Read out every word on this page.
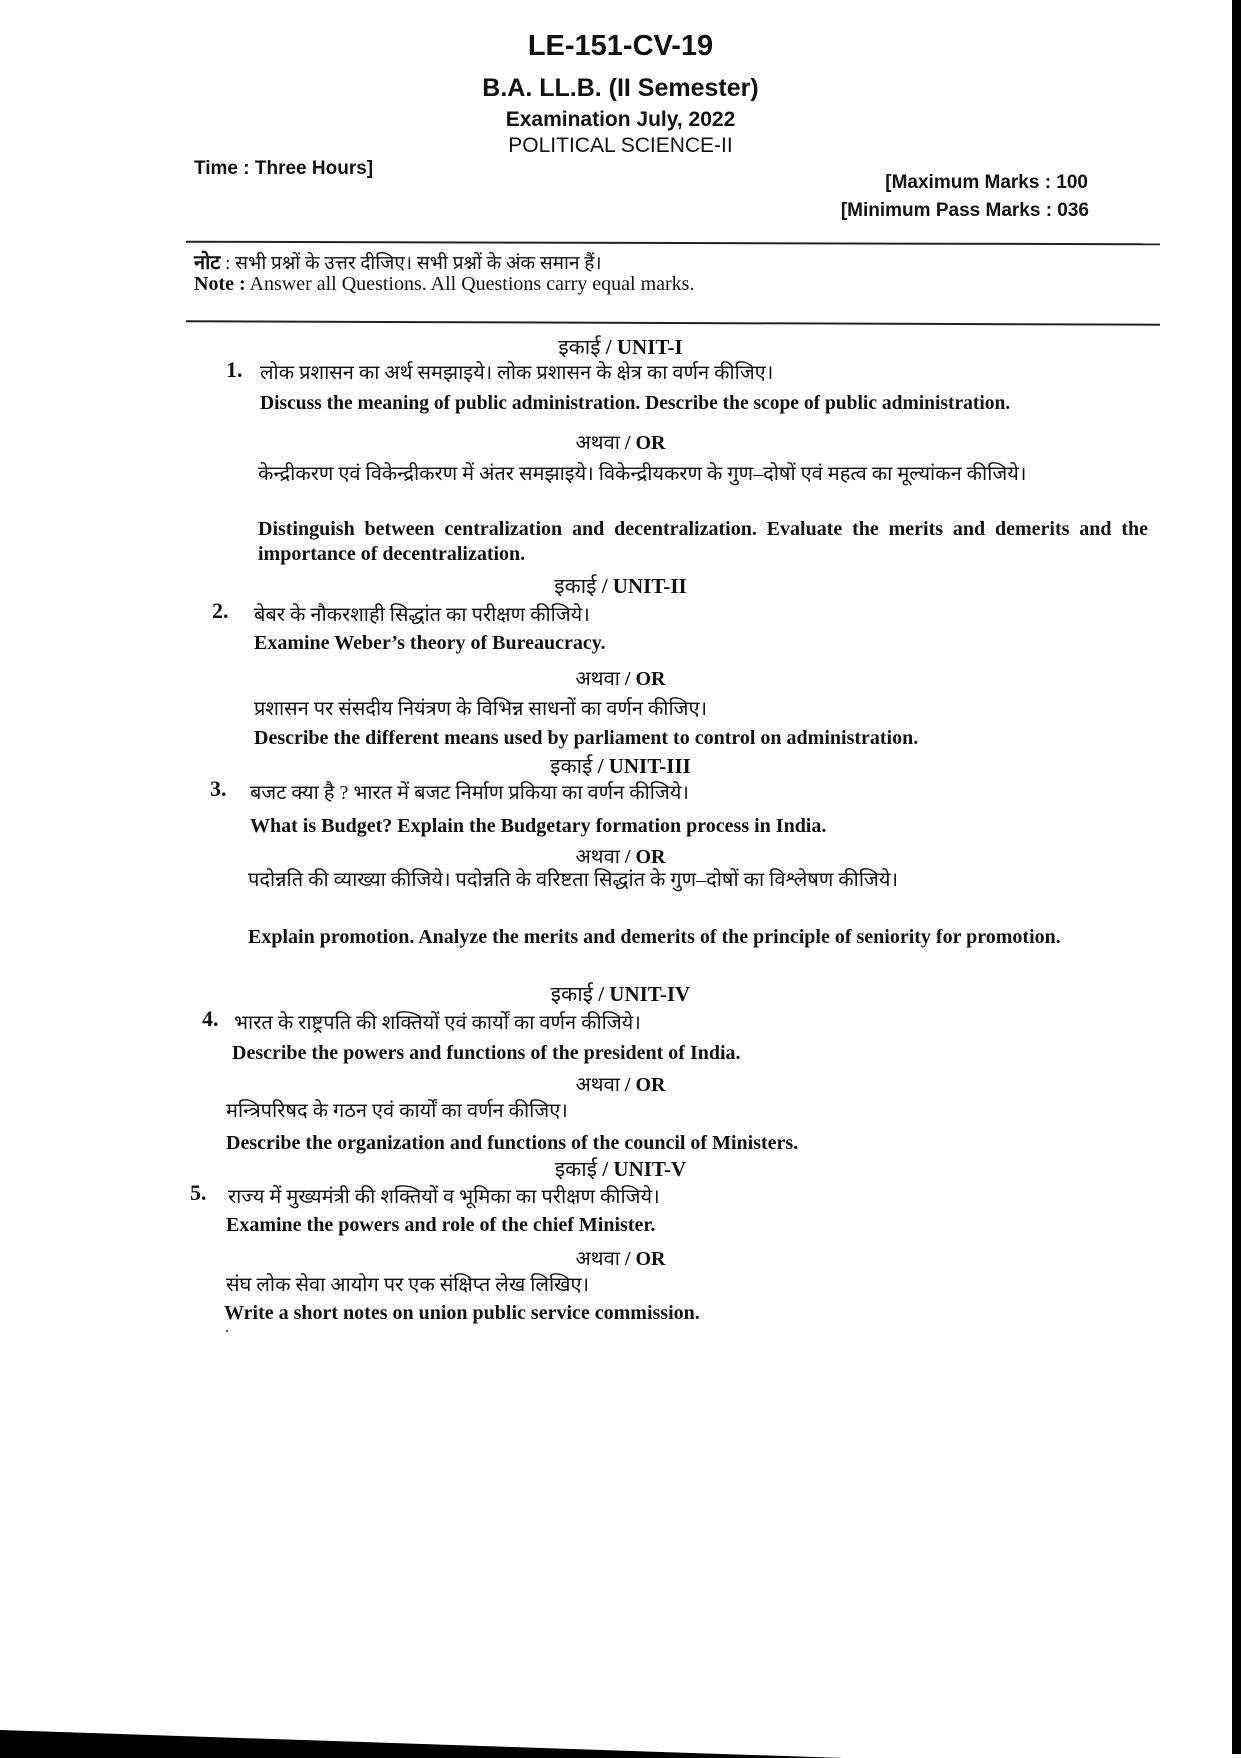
LE-151-CV-19
B.A. LL.B. (II Semester)
Examination July, 2022
POLITICAL SCIENCE-II
Time : Three Hours]
[Maximum Marks : 100
[Minimum Pass Marks : 036
नोट : सभी प्रश्नों के उत्तर दीजिए। सभी प्रश्नों के अंक समान हैं।
Note : Answer all Questions. All Questions carry equal marks.
इकाई / UNIT-I
1. लोक प्रशासन का अर्थ समझाइये। लोक प्रशासन के क्षेत्र का वर्णन कीजिए।
Discuss the meaning of public administration. Describe the scope of public administration.
अथवा / OR
केन्द्रीकरण एवं विकेन्द्रीकरण में अंतर समझाइये। विकेन्द्रीयकरण के गुण–दोषों एवं महत्व का मूल्यांकन कीजिये।
Distinguish between centralization and decentralization. Evaluate the merits and demerits and the importance of decentralization.
इकाई / UNIT-II
2. बेबर के नौकरशाही सिद्धांत का परीक्षण कीजिये।
Examine Weber’s theory of Bureaucracy.
अथवा / OR
प्रशासन पर संसदीय नियंत्रण के विभिन्न साधनों का वर्णन कीजिए।
Describe the different means used by parliament to control on administration.
इकाई / UNIT-III
3. बजट क्या है ? भारत में बजट निर्माण प्रकिया का वर्णन कीजिये।
What is Budget? Explain the Budgetary formation process in India.
अथवा / OR
पदोन्नति की व्याख्या कीजिये। पदोन्नति के वरिष्टता सिद्धांत के गुण–दोषों का विश्लेषण कीजिये।
Explain promotion. Analyze the merits and demerits of the principle of seniority for promotion.
इकाई / UNIT-IV
4. भारत के राष्ट्रपति की शक्तियों एवं कार्यों का वर्णन कीजिये।
Describe the powers and functions of the president of India.
अथवा / OR
मन्त्रिपरिषद के गठन एवं कार्यों का वर्णन कीजिए।
Describe the organization and functions of the council of Ministers.
इकाई / UNIT-V
5. राज्य में मुख्यमंत्री की शक्तियों व भूमिका का परीक्षण कीजिये।
Examine the powers and role of the chief Minister.
अथवा / OR
संघ लोक सेवा आयोग पर एक संक्षिप्त लेख लिखिए।
Write a short notes on union public service commission.
